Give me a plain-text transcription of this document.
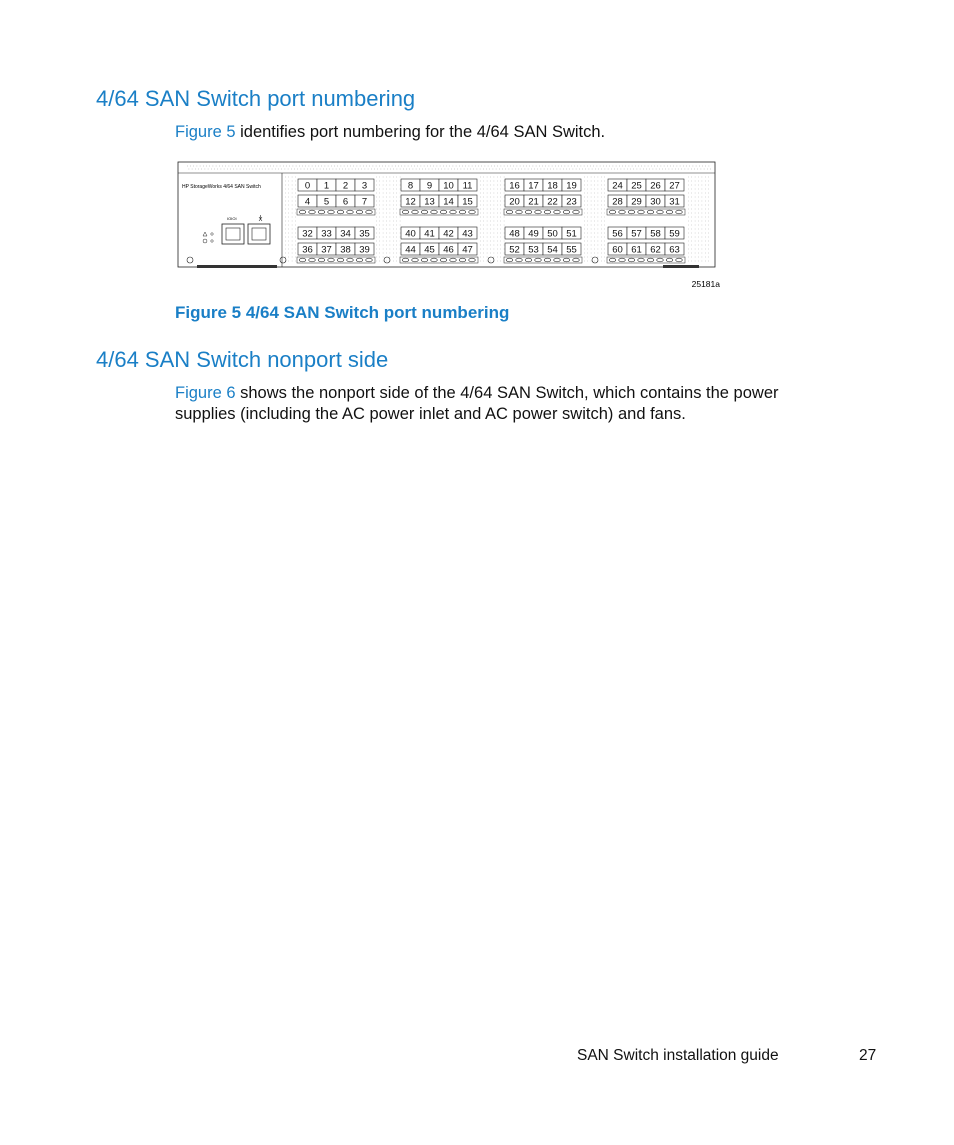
4/64 SAN Switch port numbering

Figure 5 identifies port numbering for the 4/64 SAN Switch.

0 1 2 3
4 5 6 7
8 9 10 11
12 13 14 15
16 17 18 19
20 21 22 23
24 25 26 27
28 29 30 31
32 33 34 35
36 37 38 39
40 41 42 43
44 45 46 47
48 49 50 51
52 53 54 55
56 57 58 59
60 61 62 63
HP StorageWorks 4/64 SAN Switch
IOIOI
25181a

Figure 5 4/64 SAN Switch port numbering

4/64 SAN Switch nonport side

Figure 6 shows the nonport side of the 4/64 SAN Switch, which contains the power supplies (including the AC power inlet and AC power switch) and fans.

SAN Switch installation guide	27
